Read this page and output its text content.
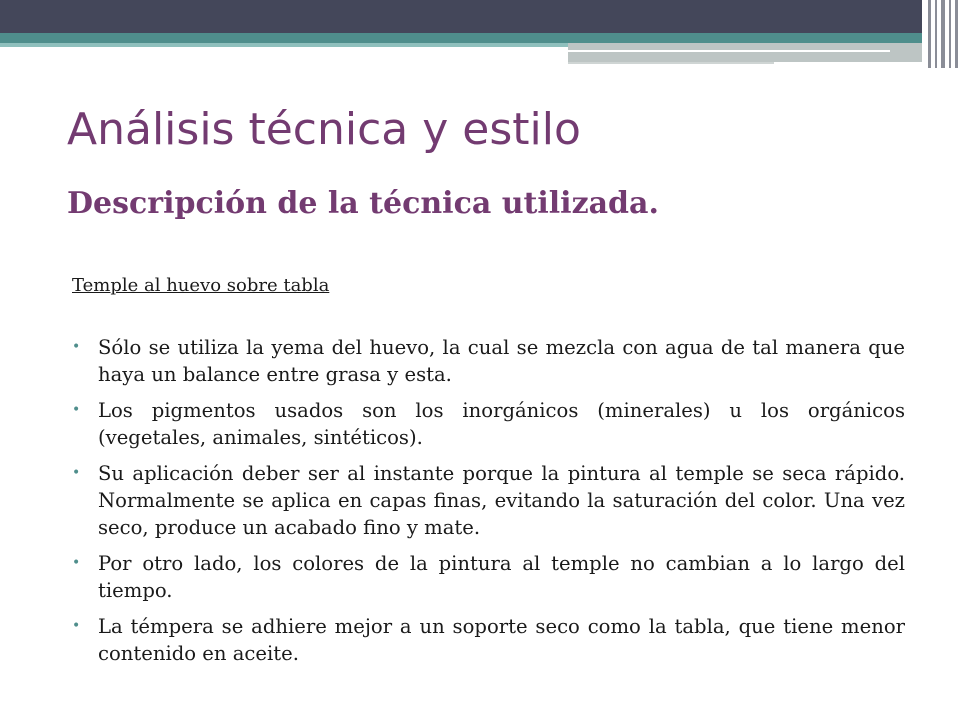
Análisis técnica y estilo
Descripción de la técnica utilizada.

Temple al huevo sobre tabla

• Sólo se utiliza la yema del huevo, la cual se mezcla con agua de tal manera que haya un balance entre grasa y esta.
• Los pigmentos usados son los inorgánicos (minerales) u los orgánicos (vegetales, animales, sintéticos).
• Su aplicación deber ser al instante porque la pintura al temple se seca rápido. Normalmente se aplica en capas finas, evitando la saturación del color. Una vez seco, produce un acabado fino y mate.
• Por otro lado, los colores de la pintura al temple no cambian a lo largo del tiempo.
• La témpera se adhiere mejor a un soporte seco como la tabla, que tiene menor contenido en aceite.
